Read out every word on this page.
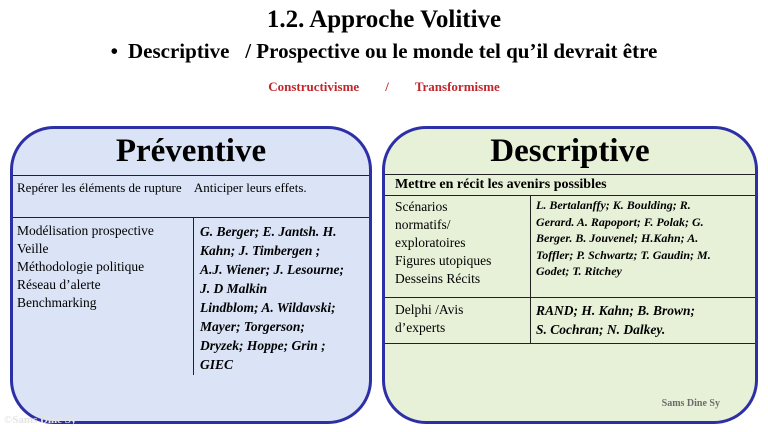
1.2. Approche Volitive
• Descriptive   / Prospective ou le monde tel qu’il devrait être
Constructivisme / Transformisme
Préventive
Repérer les éléments de rupture    Anticiper leurs effets.
Modélisation prospective
Veille
Méthodologie politique
Réseau d’alerte
Benchmarking
G. Berger; E. Jantsh. H.
Kahn; J. Timbergen ;
A.J. Wiener; J. Lesourne;
J. D Malkin
Lindblom; A. Wildavski;
Mayer; Torgerson;
Dryzek; Hoppe; Grin ;
GIEC
Descriptive
Mettre en récit les avenirs possibles
Scénarios
normatifs/
exploratoires
Figures utopiques
Desseins Récits
L. Bertalanffy; K. Boulding; R.
Gerard. A. Rapoport; F. Polak; G.
Berger. B. Jouvenel; H.Kahn; A.
Toffler; P. Schwartz; T. Gaudin; M.
Godet; T. Ritchey
Delphi /Avis
d’experts
RAND; H. Kahn; B. Brown;
S. Cochran; N. Dalkey.
Sams Dine Sy
©Sams Dine Sy
